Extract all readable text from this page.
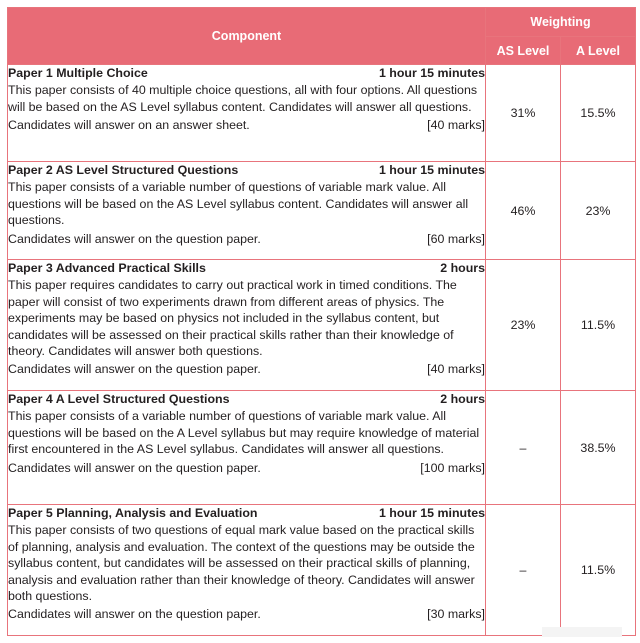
Component	Weighting	
	AS Level	A Level

Paper 1 Multiple Choice 1 hour 15 minutes
This paper consists of 40 multiple choice questions, all with four options. All questions will be based on the AS Level syllabus content. Candidates will answer all questions.
Candidates will answer on an answer sheet. [40 marks]	31%	15.5%

Paper 2 AS Level Structured Questions 1 hour 15 minutes
This paper consists of a variable number of questions of variable mark value. All questions will be based on the AS Level syllabus content. Candidates will answer all questions.
Candidates will answer on the question paper. [60 marks]	46%	23%

Paper 3 Advanced Practical Skills 2 hours
This paper requires candidates to carry out practical work in timed conditions. The paper will consist of two experiments drawn from different areas of physics. The experiments may be based on physics not included in the syllabus content, but candidates will be assessed on their practical skills rather than their knowledge of theory. Candidates will answer both questions.
Candidates will answer on the question paper. [40 marks]	23%	11.5%

Paper 4 A Level Structured Questions 2 hours
This paper consists of a variable number of questions of variable mark value. All questions will be based on the A Level syllabus but may require knowledge of material first encountered in the AS Level syllabus. Candidates will answer all questions.
Candidates will answer on the question paper. [100 marks]	–	38.5%

Paper 5 Planning, Analysis and Evaluation 1 hour 15 minutes
This paper consists of two questions of equal mark value based on the practical skills of planning, analysis and evaluation. The context of the questions may be outside the syllabus content, but candidates will be assessed on their practical skills of planning, analysis and evaluation rather than their knowledge of theory. Candidates will answer both questions.
Candidates will answer on the question paper. [30 marks]	–	11.5%
